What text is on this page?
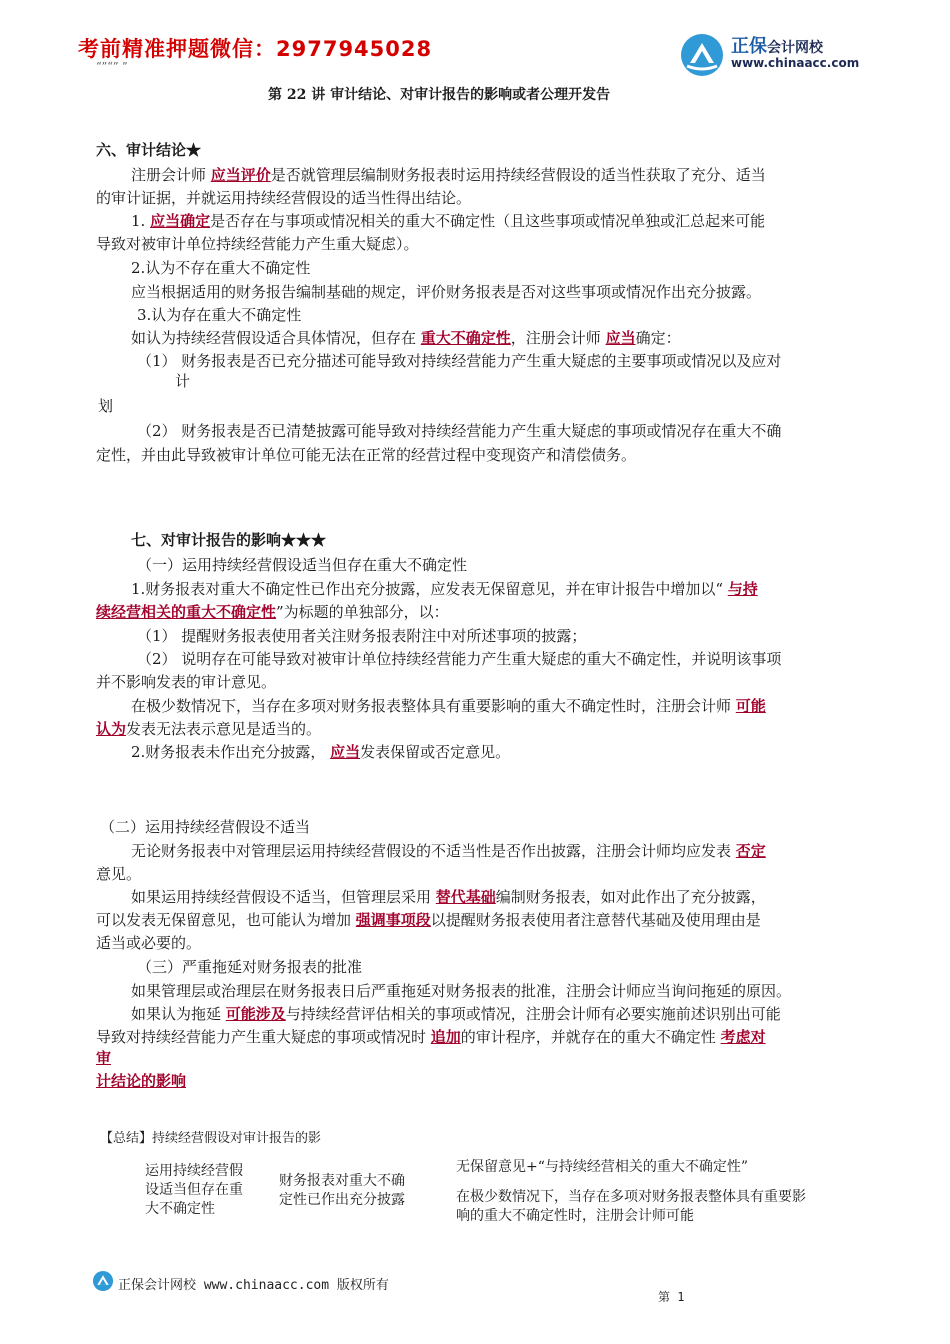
考前精准押题微信：2977945028
“”“” ”
第 22 讲 审计结论、对审计报告的影响或者公理开发告
正保会计网校
www.chinaacc.com
六、审计结论★
注册会计师 应当评价是否就管理层编制财务报表时运用持续经营假设的适当性获取了充分、适当
的审计证据，并就运用持续经营假设的适当性得出结论。
1. 应当确定是否存在与事项或情况相关的重大不确定性（且这些事项或情况单独或汇总起来可能
导致对被审计单位持续经营能力产生重大疑虑）。
2.认为不存在重大不确定性
应当根据适用的财务报告编制基础的规定，评价财务报表是否对这些事项或情况作出充分披露。
3.认为存在重大不确定性
如认为持续经营假设适合具体情况，但存在 重大不确定性，注册会计师 应当确定：
（1） 财务报表是否已充分描述可能导致对持续经营能力产生重大疑虑的主要事项或情况以及应对
计
划
（2） 财务报表是否已清楚披露可能导致对持续经营能力产生重大疑虑的事项或情况存在重大不确
定性，并由此导致被审计单位可能无法在正常的经营过程中变现资产和清偿债务。
七、对审计报告的影响★★★
（一）运用持续经营假设适当但存在重大不确定性
1.财务报表对重大不确定性已作出充分披露，应发表无保留意见，并在审计报告中增加以“ 与持
续经营相关的重大不确定性”为标题的单独部分，以：
（1） 提醒财务报表使用者关注财务报表附注中对所述事项的披露；
（2） 说明存在可能导致对被审计单位持续经营能力产生重大疑虑的重大不确定性，并说明该事项
并不影响发表的审计意见。
在极少数情况下，当存在多项对财务报表整体具有重要影响的重大不确定性时，注册会计师 可能
认为发表无法表示意见是适当的。
2.财务报表未作出充分披露， 应当发表保留或否定意见。
（二）运用持续经营假设不适当
无论财务报表中对管理层运用持续经营假设的不适当性是否作出披露，注册会计师均应发表 否定
意见。
如果运用持续经营假设不适当，但管理层采用 替代基础编制财务报表，如对此作出了充分披露，
可以发表无保留意见，也可能认为增加 强调事项段以提醒财务报表使用者注意替代基础及使用理由是
适当或必要的。
（三）严重拖延对财务报表的批准
如果管理层或治理层在财务报表日后严重拖延对财务报表的批准，注册会计师应当询问拖延的原因。
如果认为拖延 可能涉及与持续经营评估相关的事项或情况，注册会计师有必要实施前述识别出可能
导致对持续经营能力产生重大疑虑的事项或情况时 追加的审计程序，并就存在的重大不确定性 考虑对
审
计结论的影响
【总结】持续经营假设对审计报告的影
运用持续经营假设适当但存在重大不确定性
财务报表对重大不确定性已作出充分披露
无保留意见+“与持续经营相关的重大不确定性”
在极少数情况下，当存在多项对财务报表整体具有重要影响的重大不确定性时，注册会计师可能
正保会计网校 www.chinaacc.com 版权所有
第 1
